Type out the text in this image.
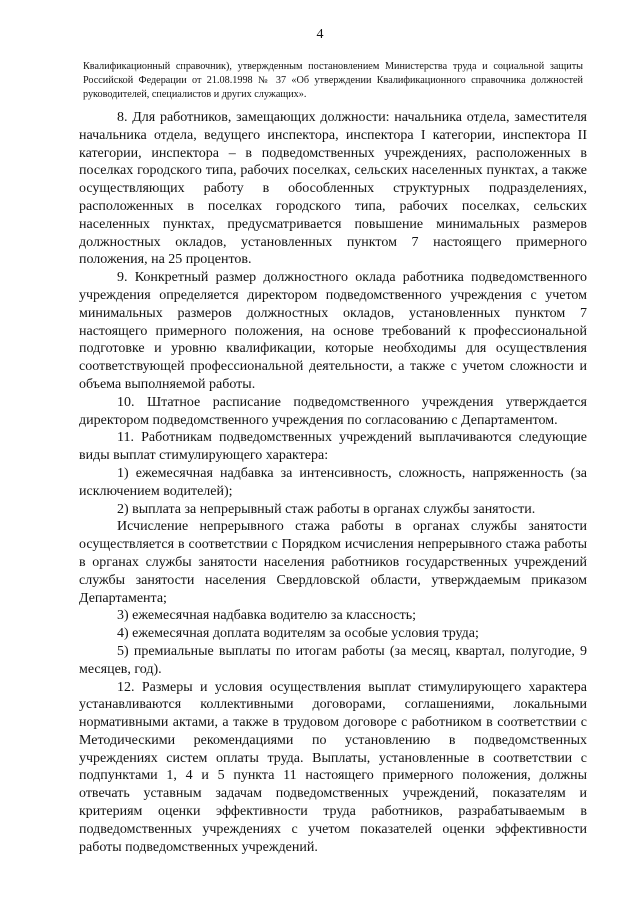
4
Квалификационный справочник), утвержденным постановлением Министерства труда и социальной защиты Российской Федерации от 21.08.1998 № 37 «Об утверждении Квалификационного справочника должностей руководителей, специалистов и других служащих».

8. Для работников, замещающих должности: начальника отдела, заместителя начальника отдела, ведущего инспектора, инспектора I категории, инспектора II категории, инспектора – в подведомственных учреждениях, расположенных в поселках городского типа, рабочих поселках, сельских населенных пунктах, а также осуществляющих работу в обособленных структурных подразделениях, расположенных в поселках городского типа, рабочих поселках, сельских населенных пунктах, предусматривается повышение минимальных размеров должностных окладов, установленных пунктом 7 настоящего примерного положения, на 25 процентов.

9. Конкретный размер должностного оклада работника подведомственного учреждения определяется директором подведомственного учреждения с учетом минимальных размеров должностных окладов, установленных пунктом 7 настоящего примерного положения, на основе требований к профессиональной подготовке и уровню квалификации, которые необходимы для осуществления соответствующей профессиональной деятельности, а также с учетом сложности и объема выполняемой работы.

10. Штатное расписание подведомственного учреждения утверждается директором подведомственного учреждения по согласованию с Департаментом.

11. Работникам подведомственных учреждений выплачиваются следующие виды выплат стимулирующего характера:

1) ежемесячная надбавка за интенсивность, сложность, напряженность (за исключением водителей);

2) выплата за непрерывный стаж работы в органах службы занятости.

Исчисление непрерывного стажа работы в органах службы занятости осуществляется в соответствии с Порядком исчисления непрерывного стажа работы в органах службы занятости населения работников государственных учреждений службы занятости населения Свердловской области, утверждаемым приказом Департамента;

3) ежемесячная надбавка водителю за классность;

4) ежемесячная доплата водителям за особые условия труда;

5) премиальные выплаты по итогам работы (за месяц, квартал, полугодие, 9 месяцев, год).

12. Размеры и условия осуществления выплат стимулирующего характера устанавливаются коллективными договорами, соглашениями, локальными нормативными актами, а также в трудовом договоре с работником в соответствии с Методическими рекомендациями по установлению в подведомственных учреждениях систем оплаты труда. Выплаты, установленные в соответствии с подпунктами 1, 4 и 5 пункта 11 настоящего примерного положения, должны отвечать уставным задачам подведомственных учреждений, показателям и критериям оценки эффективности труда работников, разрабатываемым в подведомственных учреждениях с учетом показателей оценки эффективности работы подведомственных учреждений.
